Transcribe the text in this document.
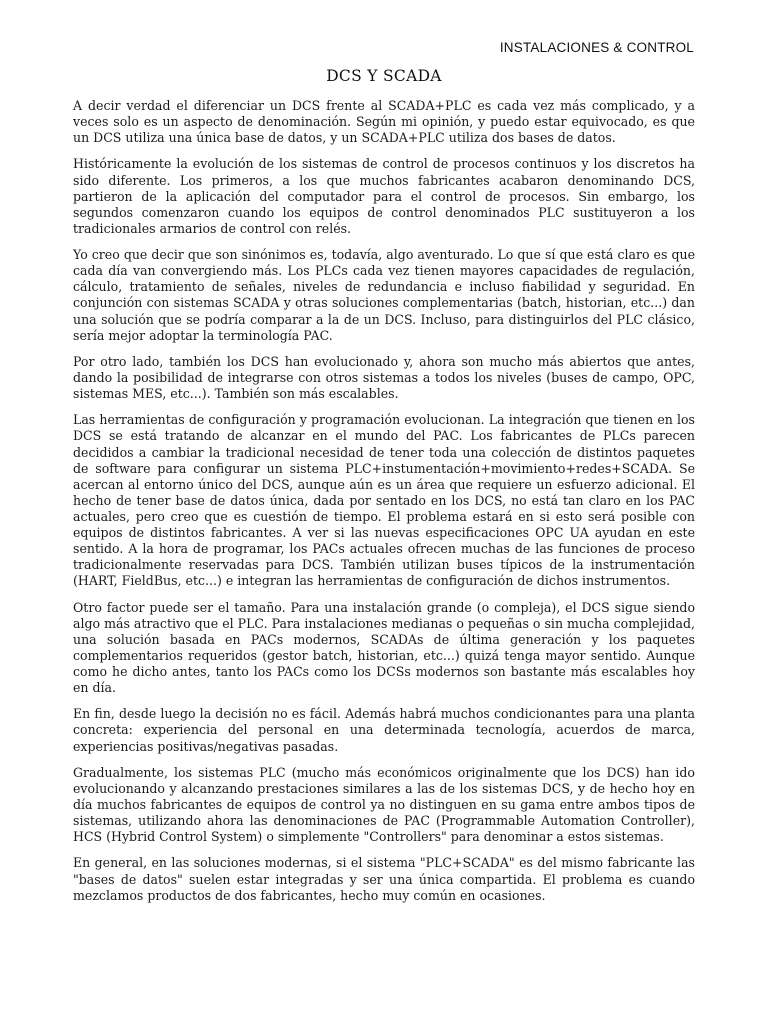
INSTALACIONES & CONTROL
DCS Y SCADA

A decir verdad el diferenciar un DCS frente al SCADA+PLC es cada vez más complicado, y a veces solo es un aspecto de denominación. Según mi opinión, y puedo estar equivocado, es que un DCS utiliza una única base de datos, y un SCADA+PLC utiliza dos bases de datos.

Históricamente la evolución de los sistemas de control de procesos continuos y los discretos ha sido diferente. Los primeros, a los que muchos fabricantes acabaron denominando DCS, partieron de la aplicación del computador para el control de procesos. Sin embargo, los segundos comenzaron cuando los equipos de control denominados PLC sustituyeron a los tradicionales armarios de control con relés.

Yo creo que decir que son sinónimos es, todavía, algo aventurado. Lo que sí que está claro es que cada día van convergiendo más. Los PLCs cada vez tienen mayores capacidades de regulación, cálculo, tratamiento de señales, niveles de redundancia e incluso fiabilidad y seguridad. En conjunción con sistemas SCADA y otras soluciones complementarias (batch, historian, etc...) dan una solución que se podría comparar a la de un DCS. Incluso, para distinguirlos del PLC clásico, sería mejor adoptar la terminología PAC.

Por otro lado, también los DCS han evolucionado y, ahora son mucho más abiertos que antes, dando la posibilidad de integrarse con otros sistemas a todos los niveles (buses de campo, OPC, sistemas MES, etc...). También son más escalables.

Las herramientas de configuración y programación evolucionan. La integración que tienen en los DCS se está tratando de alcanzar en el mundo del PAC. Los fabricantes de PLCs parecen decididos a cambiar la tradicional necesidad de tener toda una colección de distintos paquetes de software para configurar un sistema PLC+instumentación+movimiento+redes+SCADA. Se acercan al entorno único del DCS, aunque aún es un área que requiere un esfuerzo adicional. El hecho de tener base de datos única, dada por sentado en los DCS, no está tan claro en los PAC actuales, pero creo que es cuestión de tiempo. El problema estará en si esto será posible con equipos de distintos fabricantes. A ver si las nuevas especificaciones OPC UA ayudan en este sentido. A la hora de programar, los PACs actuales ofrecen muchas de las funciones de proceso tradicionalmente reservadas para DCS. También utilizan buses típicos de la instrumentación (HART, FieldBus, etc...) e integran las herramientas de configuración de dichos instrumentos.

Otro factor puede ser el tamaño. Para una instalación grande (o compleja), el DCS sigue siendo algo más atractivo que el PLC. Para instalaciones medianas o pequeñas o sin mucha complejidad, una solución basada en PACs modernos, SCADAs de última generación y los paquetes complementarios requeridos (gestor batch, historian, etc...) quizá tenga mayor sentido. Aunque como he dicho antes, tanto los PACs como los DCSs modernos son bastante más escalables hoy en día.

En fin, desde luego la decisión no es fácil. Además habrá muchos condicionantes para una planta concreta: experiencia del personal en una determinada tecnología, acuerdos de marca, experiencias positivas/negativas pasadas.

Gradualmente, los sistemas PLC (mucho más económicos originalmente que los DCS) han ido evolucionando y alcanzando prestaciones similares a las de los sistemas DCS, y de hecho hoy en día muchos fabricantes de equipos de control ya no distinguen en su gama entre ambos tipos de sistemas, utilizando ahora las denominaciones de PAC (Programmable Automation Controller), HCS (Hybrid Control System) o simplemente "Controllers" para denominar a estos sistemas.

En general, en las soluciones modernas, si el sistema "PLC+SCADA" es del mismo fabricante las "bases de datos" suelen estar integradas y ser una única compartida. El problema es cuando mezclamos productos de dos fabricantes, hecho muy común en ocasiones.
